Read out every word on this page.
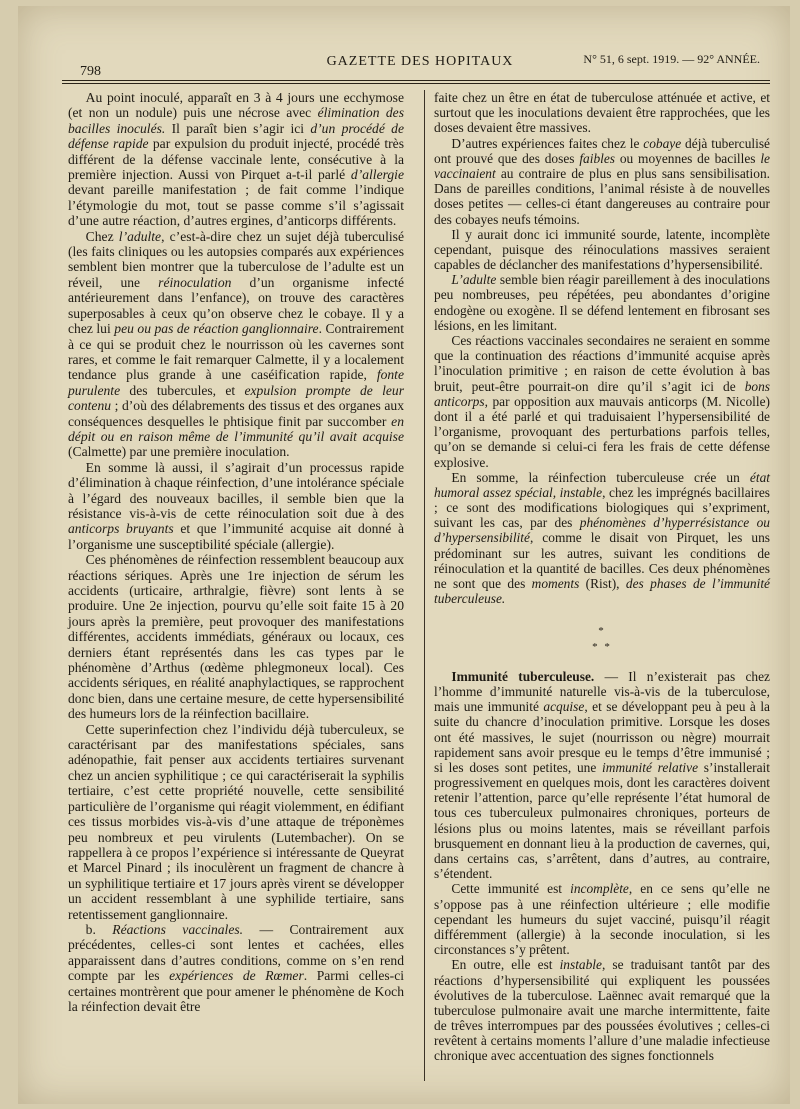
798
GAZETTE DES HOPITAUX	N° 51, 6 sept. 1919. — 92° ANNÉE.

Au point inoculé, apparaît en 3 à 4 jours une ecchymose (et non un nodule) puis une nécrose avec élimination des bacilles inoculés. Il paraît bien s’agir ici d’un procédé de défense rapide par expulsion du produit injecté, procédé très différent de la défense vaccinale lente, consécutive à la première injection. Aussi von Pirquet a-t-il parlé d’allergie devant pareille manifestation ; de fait comme l’indique l’étymologie du mot, tout se passe comme s’il s’agissait d’une autre réaction, d’autres ergines, d’anticorps différents.

Chez l’adulte, c’est-à-dire chez un sujet déjà tuberculisé (les faits cliniques ou les autopsies comparés aux expériences semblent bien montrer que la tuberculose de l’adulte est un réveil, une réinoculation d’un organisme infecté antérieurement dans l’enfance), on trouve des caractères superposables à ceux qu’on observe chez le cobaye. Il y a chez lui peu ou pas de réaction ganglionnaire. Contrairement à ce qui se produit chez le nourrisson où les cavernes sont rares, et comme le fait remarquer Calmette, il y a localement tendance plus grande à une caséification rapide, fonte purulente des tubercules, et expulsion prompte de leur contenu ; d’où des délabrements des tissus et des organes aux conséquences desquelles le phtisique finit par succomber en dépit ou en raison même de l’immunité qu’il avait acquise (Calmette) par une première inoculation.

En somme là aussi, il s’agirait d’un processus rapide d’élimination à chaque réinfection, d’une intolérance spéciale à l’égard des nouveaux bacilles, il semble bien que la résistance vis-à-vis de cette réinoculation soit due à des anticorps bruyants et que l’immunité acquise ait donné à l’organisme une susceptibilité spéciale (allergie).

Ces phénomènes de réinfection ressemblent beaucoup aux réactions sériques. Après une 1re injection de sérum les accidents (urticaire, arthralgie, fièvre) sont lents à se produire. Une 2e injection, pourvu qu’elle soit faite 15 à 20 jours après la première, peut provoquer des manifestations différentes, accidents immédiats, généraux ou locaux, ces derniers étant représentés dans les cas types par le phénomène d’Arthus (œdème phlegmoneux local). Ces accidents sériques, en réalité anaphylactiques, se rapprochent donc bien, dans une certaine mesure, de cette hypersensibilité des humeurs lors de la réinfection bacillaire.

Cette superinfection chez l’individu déjà tuberculeux, se caractérisant par des manifestations spéciales, sans adénopathie, fait penser aux accidents tertiaires survenant chez un ancien syphilitique ; ce qui caractériserait la syphilis tertiaire, c’est cette propriété nouvelle, cette sensibilité particulière de l’organisme qui réagit violemment, en édifiant ces tissus morbides vis-à-vis d’une attaque de tréponèmes peu nombreux et peu virulents (Lutembacher). On se rappellera à ce propos l’expérience si intéressante de Queyrat et Marcel Pinard ; ils inoculèrent un fragment de chancre à un syphilitique tertiaire et 17 jours après virent se développer un accident ressemblant à une syphilide tertiaire, sans retentissement ganglionnaire.

b. Réactions vaccinales. — Contrairement aux précédentes, celles-ci sont lentes et cachées, elles apparaissent dans d’autres conditions, comme on s’en rend compte par les expériences de Rœmer. Parmi celles-ci certaines montrèrent que pour amener le phénomène de Koch la réinfection devait être

faite chez un être en état de tuberculose atténuée et active, et surtout que les inoculations devaient être rapprochées, que les doses devaient être massives.

D’autres expériences faites chez le cobaye déjà tuberculisé ont prouvé que des doses faibles ou moyennes de bacilles le vaccinaient au contraire de plus en plus sans sensibilisation. Dans de pareilles conditions, l’animal résiste à de nouvelles doses petites — celles-ci étant dangereuses au contraire pour des cobayes neufs témoins.

Il y aurait donc ici immunité sourde, latente, incomplète cependant, puisque des réinoculations massives seraient capables de déclancher des manifestations d’hypersensibilité.

L’adulte semble bien réagir pareillement à des inoculations peu nombreuses, peu répétées, peu abondantes d’origine endogène ou exogène. Il se défend lentement en fibrosant ses lésions, en les limitant.

Ces réactions vaccinales secondaires ne seraient en somme que la continuation des réactions d’immunité acquise après l’inoculation primitive ; en raison de cette évolution à bas bruit, peut-être pourrait-on dire qu’il s’agit ici de bons anticorps, par opposition aux mauvais anticorps (M. Nicolle) dont il a été parlé et qui traduisaient l’hypersensibilité de l’organisme, provoquant des perturbations parfois telles, qu’on se demande si celui-ci fera les frais de cette défense explosive.

En somme, la réinfection tuberculeuse crée un état humoral assez spécial, instable, chez les imprégnés bacillaires ; ce sont des modifications biologiques qui s’expriment, suivant les cas, par des phénomènes d’hyperrésistance ou d’hypersensibilité, comme le disait von Pirquet, les uns prédominant sur les autres, suivant les conditions de réinoculation et la quantité de bacilles. Ces deux phénomènes ne sont que des moments (Rist), des phases de l’immunité tuberculeuse.

*
* *

Immunité tuberculeuse. — Il n’existerait pas chez l’homme d’immunité naturelle vis-à-vis de la tuberculose, mais une immunité acquise, et se développant peu à peu à la suite du chancre d’inoculation primitive. Lorsque les doses ont été massives, le sujet (nourrisson ou nègre) mourrait rapidement sans avoir presque eu le temps d’être immunisé ; si les doses sont petites, une immunité relative s’installerait progressivement en quelques mois, dont les caractères doivent retenir l’attention, parce qu’elle représente l’état humoral de tous ces tuberculeux pulmonaires chroniques, porteurs de lésions plus ou moins latentes, mais se réveillant parfois brusquement en donnant lieu à la production de cavernes, qui, dans certains cas, s’arrêtent, dans d’autres, au contraire, s’étendent.

Cette immunité est incomplète, en ce sens qu’elle ne s’oppose pas à une réinfection ultérieure ; elle modifie cependant les humeurs du sujet vacciné, puisqu’il réagit différemment (allergie) à la seconde inoculation, si les circonstances s’y prêtent.

En outre, elle est instable, se traduisant tantôt par des réactions d’hypersensibilité qui expliquent les poussées évolutives de la tuberculose. Laënnec avait remarqué que la tuberculose pulmonaire avait une marche intermittente, faite de trêves interrompues par des poussées évolutives ; celles-ci revêtent à certains moments l’allure d’une maladie infectieuse chronique avec accentuation des signes fonctionnels
